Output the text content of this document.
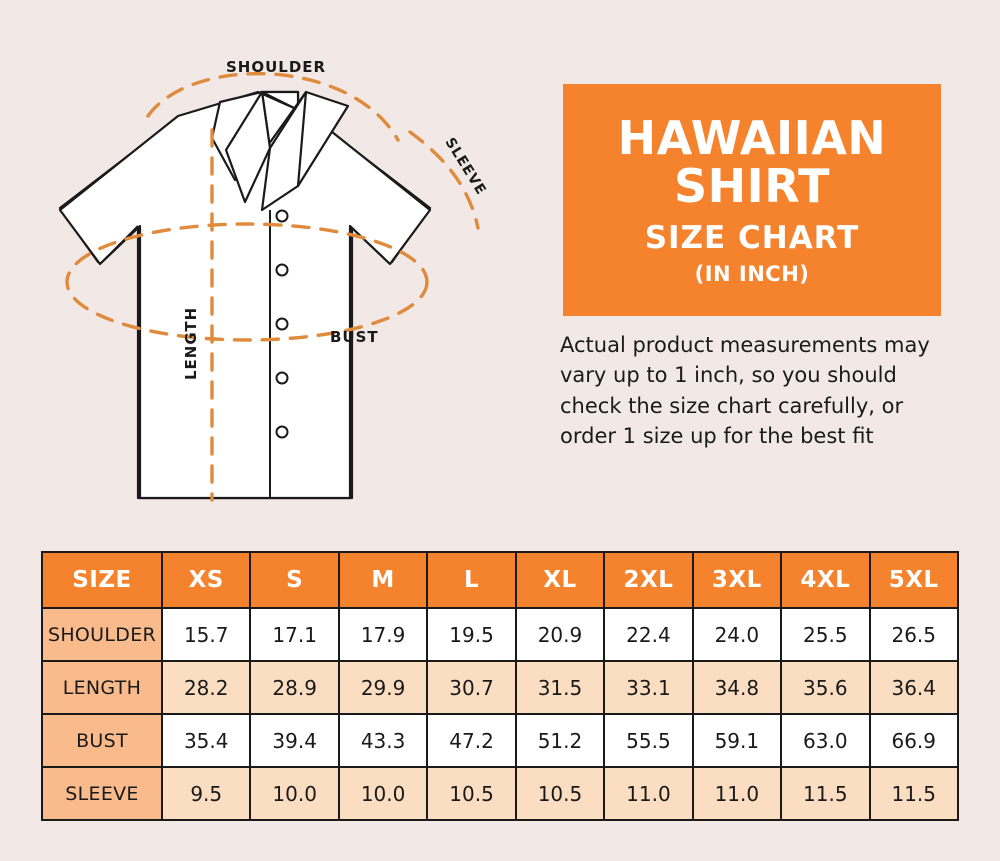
SHOULDER
SLEEVE
BUST
LENGTH
HAWAIIAN SHIRT
SIZE CHART
(IN INCH)
Actual product measurements may vary up to 1 inch, so you should check the size chart carefully, or order 1 size up for the best fit
SIZE	XS	S	M	L	XL	2XL	3XL	4XL	5XL
SHOULDER	15.7	17.1	17.9	19.5	20.9	22.4	24.0	25.5	26.5
LENGTH	28.2	28.9	29.9	30.7	31.5	33.1	34.8	35.6	36.4
BUST	35.4	39.4	43.3	47.2	51.2	55.5	59.1	63.0	66.9
SLEEVE	9.5	10.0	10.0	10.5	10.5	11.0	11.0	11.5	11.5
